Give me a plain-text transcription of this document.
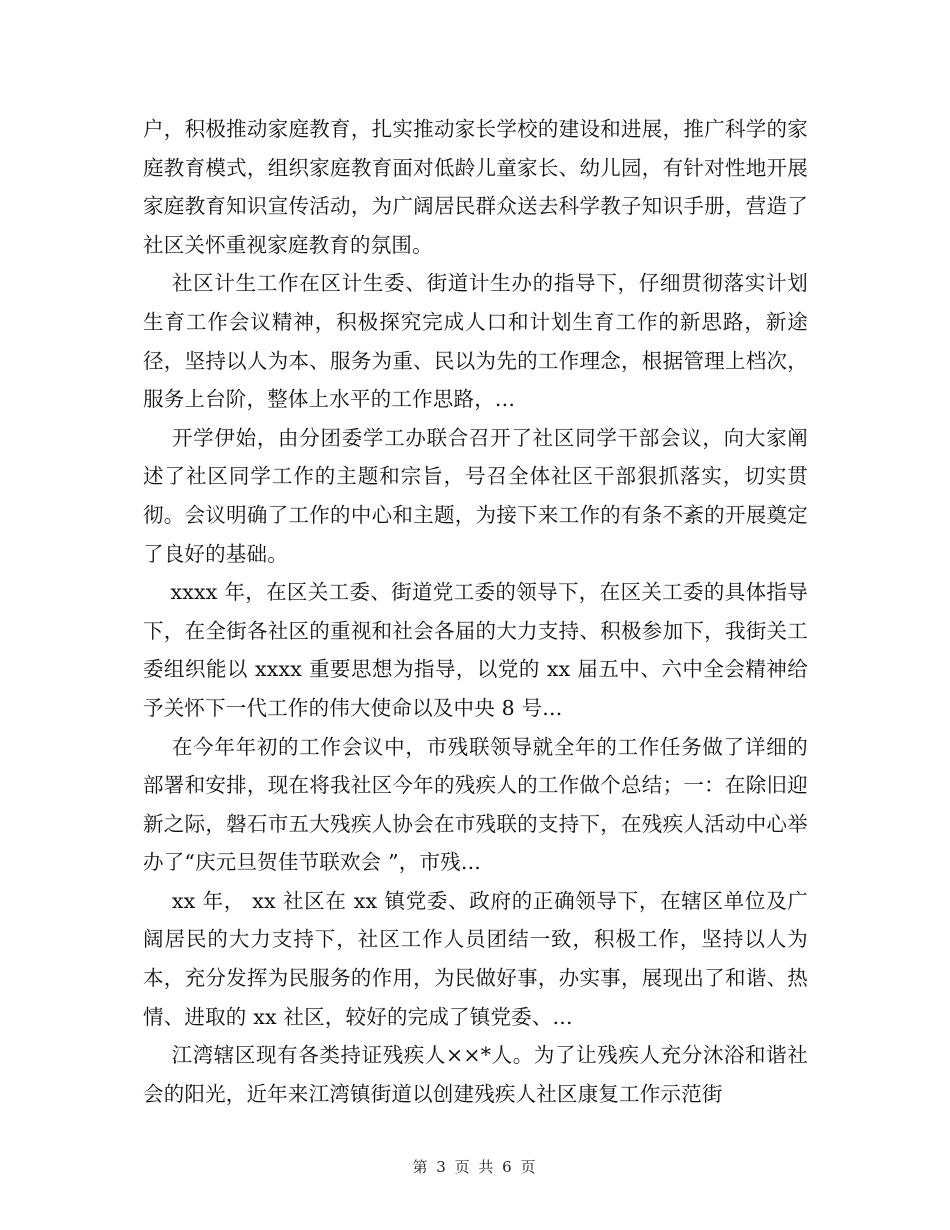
户，积极推动家庭教育，扎实推动家长学校的建设和进展，推广科学的家庭教育模式，组织家庭教育面对低龄儿童家长、幼儿园，有针对性地开展家庭教育知识宣传活动，为广阔居民群众送去科学教子知识手册，营造了社区关怀重视家庭教育的氛围。

社区计生工作在区计生委、街道计生办的指导下，仔细贯彻落实计划生育工作会议精神，积极探究完成人口和计划生育工作的新思路，新途径，坚持以人为本、服务为重、民以为先的工作理念，根据管理上档次，服务上台阶，整体上水平的工作思路，...

开学伊始，由分团委学工办联合召开了社区同学干部会议，向大家阐述了社区同学工作的主题和宗旨，号召全体社区干部狠抓落实，切实贯彻。会议明确了工作的中心和主题，为接下来工作的有条不紊的开展奠定了良好的基础。

xxxx 年，在区关工委、街道党工委的领导下，在区关工委的具体指导下，在全街各社区的重视和社会各届的大力支持、积极参加下，我街关工委组织能以 xxxx 重要思想为指导，以党的 xx 届五中、六中全会精神给予关怀下一代工作的伟大使命以及中央 8 号...

在今年年初的工作会议中，市残联领导就全年的工作任务做了详细的部署和安排，现在将我社区今年的残疾人的工作做个总结；一：在除旧迎新之际，磐石市五大残疾人协会在市残联的支持下，在残疾人活动中心举办了“庆元旦贺佳节联欢会 ”，市残...

xx 年， xx 社区在 xx 镇党委、政府的正确领导下，在辖区单位及广阔居民的大力支持下，社区工作人员团结一致，积极工作，坚持以人为本，充分发挥为民服务的作用，为民做好事，办实事，展现出了和谐、热情、进取的 xx 社区，较好的完成了镇党委、...

江湾辖区现有各类持证残疾人××*人。为了让残疾人充分沐浴和谐社会的阳光，近年来江湾镇街道以创建残疾人社区康复工作示范街

第 3 页 共 6 页
